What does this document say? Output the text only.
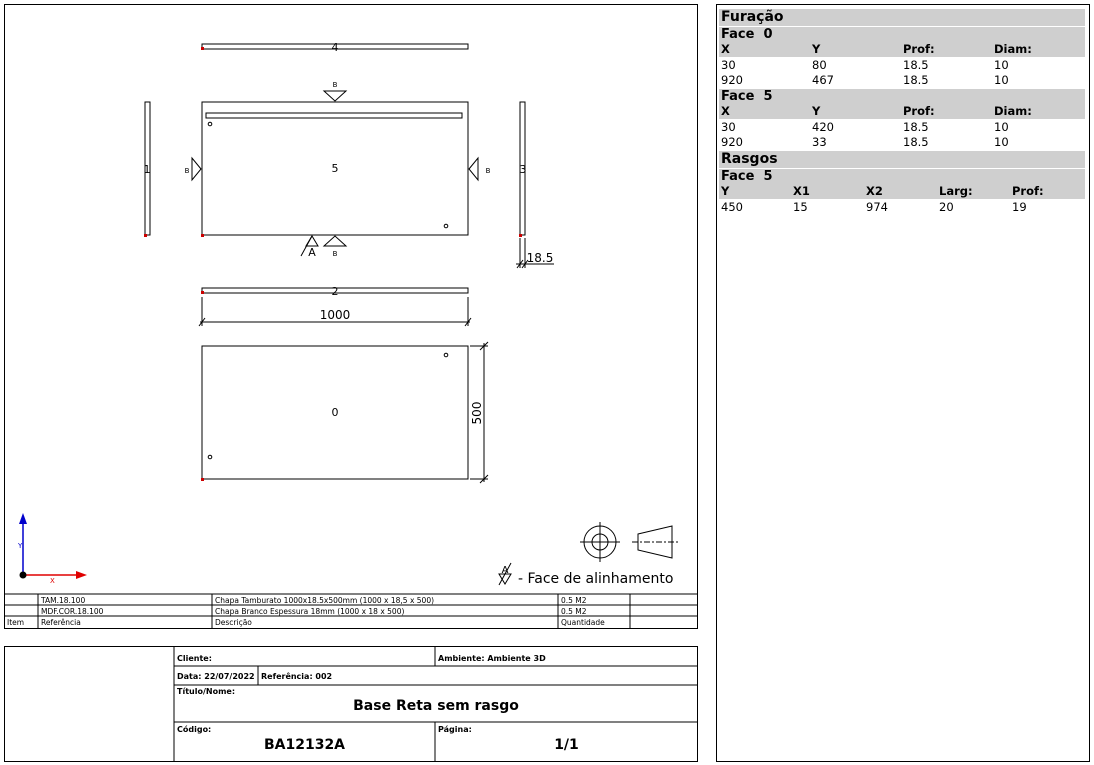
4
5
1	3
2
0
B
B	B
B
A
1000
500
18.5
Y
X
A
- Face de alinhamento
TAM.18.100	Chapa Tamburato 1000x18.5x500mm (1000 x 18,5 x 500)	0.5 M2
MDF.COR.18.100	Chapa Branco Espessura 18mm (1000 x 18 x 500)	0.5 M2
Item Referência	Descrição	Quantidade
Cliente:	Ambiente: Ambiente 3D
Data: 22/07/2022 Referência: 002
Título/Nome:
Base Reta sem rasgo
Código:
BA12132A
Página:
1/1
Furação
Face  0
X	Y	Prof:	Diam:
30	80	18.5	10
920	467	18.5	10
Face  5
X	Y	Prof:	Diam:
30	420	18.5	10
920	33	18.5	10
Rasgos
Face  5
Y	X1	X2	Larg:	Prof:
450	15	974	20	19
